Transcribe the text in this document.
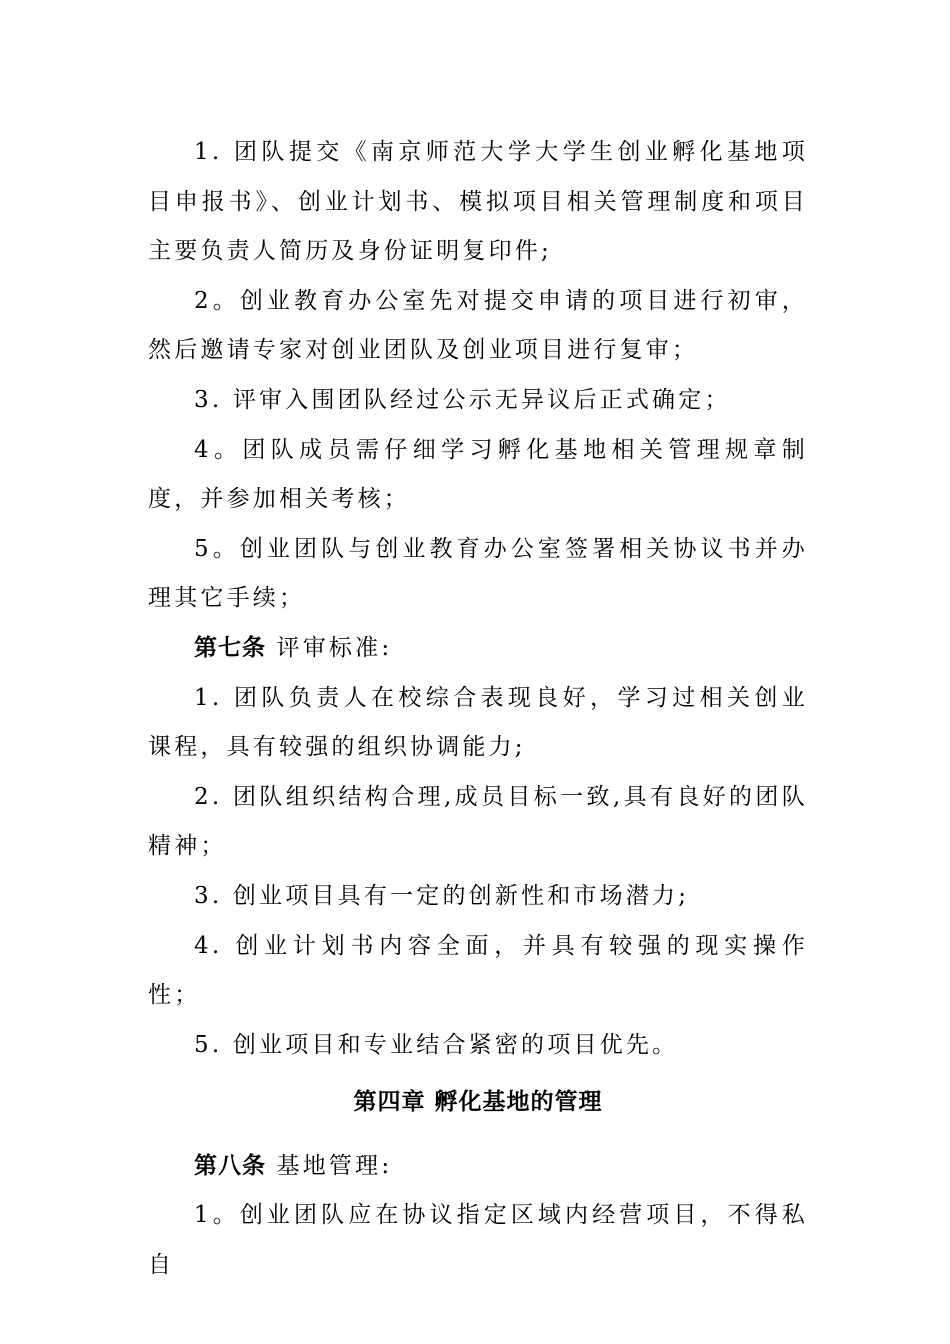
1. 团队提交《南京师范大学大学生创业孵化基地项目申报书》、创业计划书、模拟项目相关管理制度和项目主要负责人简历及身份证明复印件;

2。创业教育办公室先对提交申请的项目进行初审，然后邀请专家对创业团队及创业项目进行复审；

3. 评审入围团队经过公示无异议后正式确定；

4。团队成员需仔细学习孵化基地相关管理规章制度，并参加相关考核；

5。创业团队与创业教育办公室签署相关协议书并办理其它手续；

第七条 评审标准:

1. 团队负责人在校综合表现良好，学习过相关创业课程，具有较强的组织协调能力;

2. 团队组织结构合理,成员目标一致,具有良好的团队精神；

3. 创业项目具有一定的创新性和市场潜力;

4. 创业计划书内容全面，并具有较强的现实操作性；

5. 创业项目和专业结合紧密的项目优先。

第四章 孵化基地的管理

第八条 基地管理:

1。创业团队应在协议指定区域内经营项目，不得私自
